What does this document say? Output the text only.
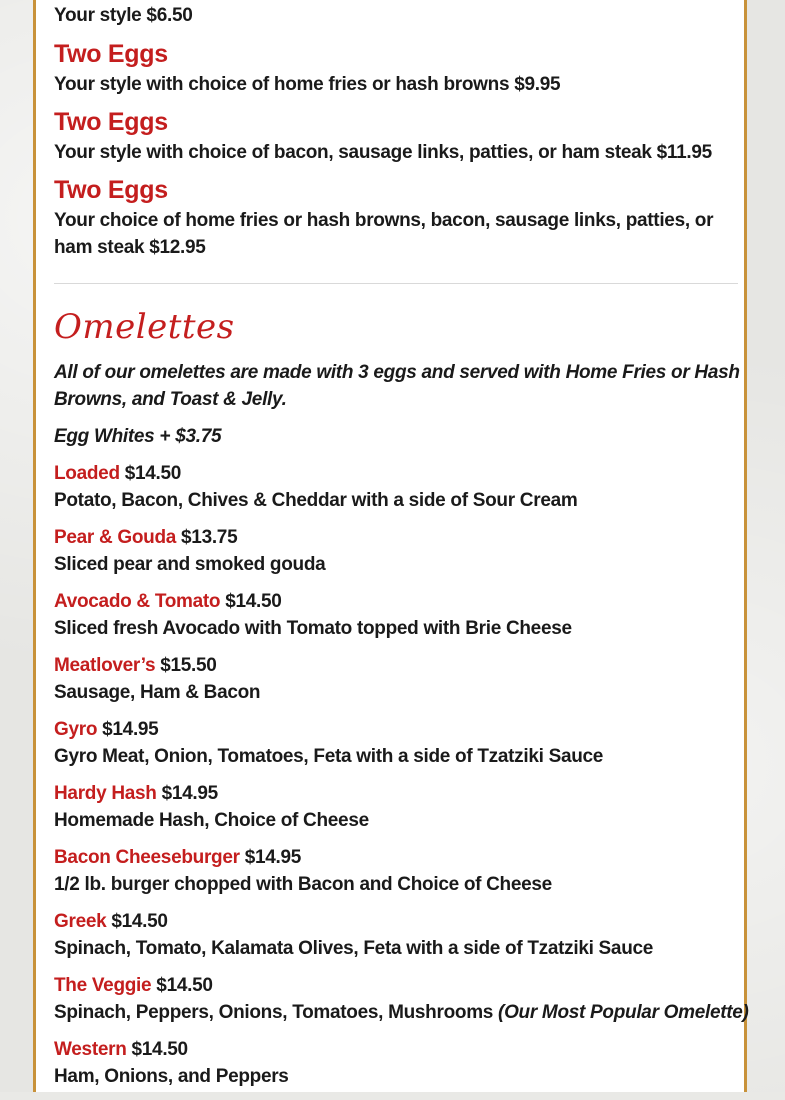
Your style $6.50
Two Eggs
Your style with choice of home fries or hash browns $9.95
Two Eggs
Your style with choice of bacon, sausage links, patties, or ham steak $11.95
Two Eggs
Your choice of home fries or hash browns, bacon, sausage links, patties, or ham steak $12.95
Omelettes
All of our omelettes are made with 3 eggs and served with Home Fries or Hash Browns, and Toast & Jelly.
Egg Whites + $3.75
Loaded $14.50
Potato, Bacon, Chives & Cheddar with a side of Sour Cream
Pear & Gouda $13.75
Sliced pear and smoked gouda
Avocado & Tomato $14.50
Sliced fresh Avocado with Tomato topped with Brie Cheese
Meatlover’s $15.50
Sausage, Ham & Bacon
Gyro $14.95
Gyro Meat, Onion, Tomatoes, Feta with a side of Tzatziki Sauce
Hardy Hash $14.95
Homemade Hash, Choice of Cheese
Bacon Cheeseburger $14.95
1/2 lb. burger chopped with Bacon and Choice of Cheese
Greek $14.50
Spinach, Tomato, Kalamata Olives, Feta with a side of Tzatziki Sauce
The Veggie $14.50
Spinach, Peppers, Onions, Tomatoes, Mushrooms (Our Most Popular Omelette)
Western $14.50
Ham, Onions, and Peppers
